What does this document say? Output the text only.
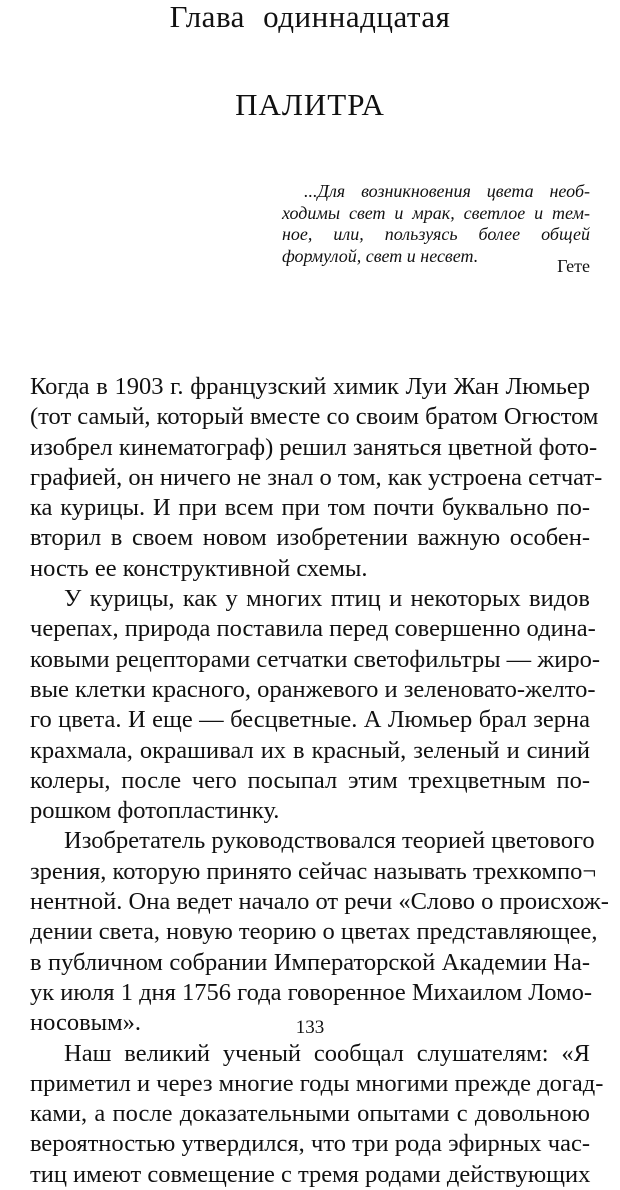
Глава одиннадцатая
ПАЛИТРА
...Для возникновения цвета необ-
ходимы свет и мрак, светлое и тем-
ное, или, пользуясь более общей
формулой, свет и несвет.
Гете
Когда в 1903 г. французский химик Луи Жан Люмьер
(тот самый, который вместе со своим братом Огюстом
изобрел кинематограф) решил заняться цветной фото-
графией, он ничего не знал о том, как устроена сетчат-
ка курицы. И при всем при том почти буквально по-
вторил в своем новом изобретении важную особен-
ность ее конструктивной схемы.
У курицы, как у многих птиц и некоторых видов
черепах, природа поставила перед совершенно одина-
ковыми рецепторами сетчатки светофильтры — жиро-
вые клетки красного, оранжевого и зеленовато-желто-
го цвета. И еще — бесцветные. А Люмьер брал зерна
крахмала, окрашивал их в красный, зеленый и синий
колеры, после чего посыпал этим трехцветным по-
рошком фотопластинку.
Изобретатель руководствовался теорией цветового
зрения, которую принято сейчас называть трехкомпо¬
нентной. Она ведет начало от речи «Слово о происхож-
дении света, новую теорию о цветах представляющее,
в публичном собрании Императорской Академии На-
ук июля 1 дня 1756 года говоренное Михаилом Ломо-
носовым».
Наш великий ученый сообщал слушателям: «Я
приметил и через многие годы многими прежде догад-
ками, а после доказательными опытами с довольною
вероятностью утвердился, что три рода эфирных час-
тиц имеют совмещение с тремя родами действующих
133
